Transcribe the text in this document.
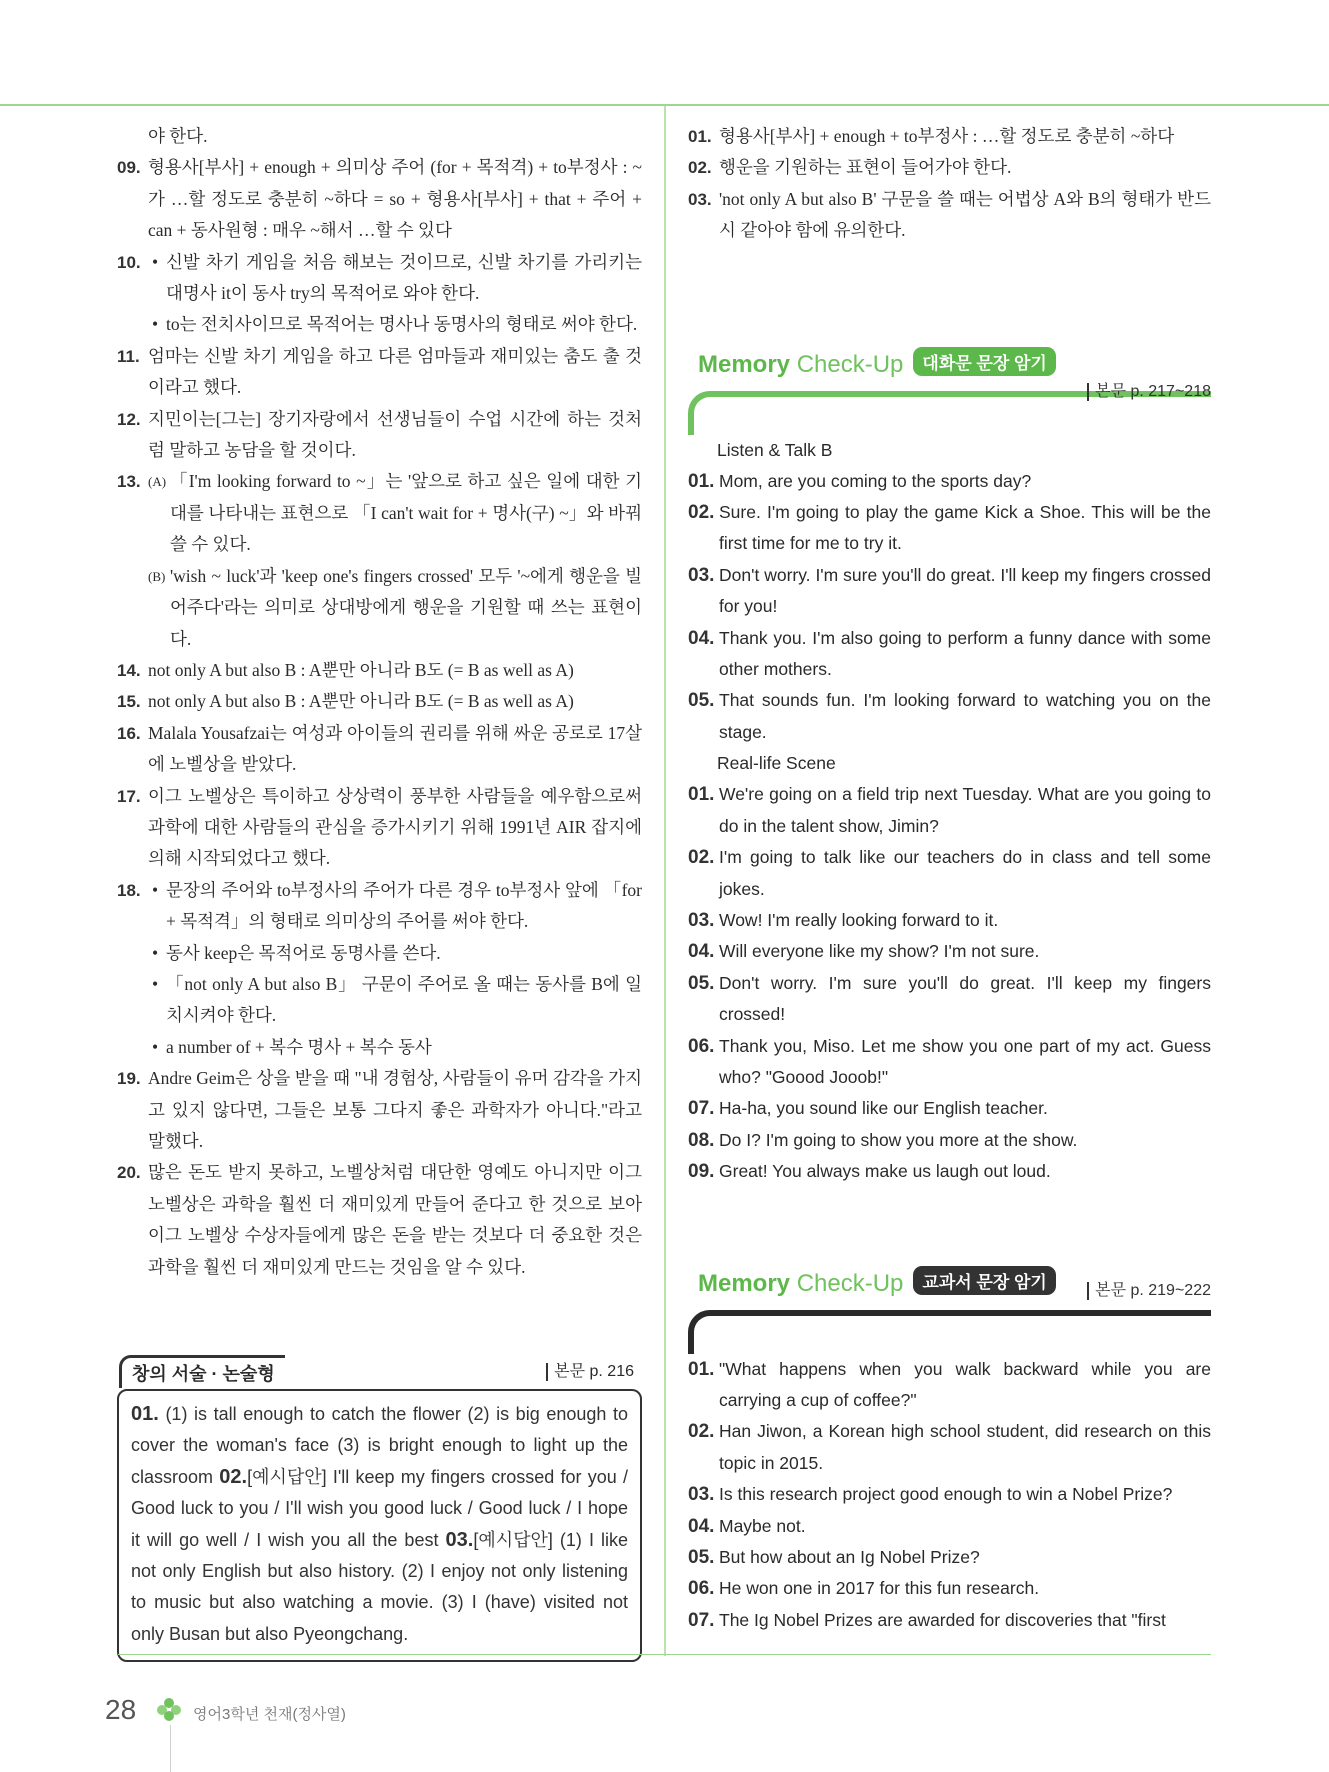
야 한다.
09. 형용사[부사] + enough + 의미상 주어 (for + 목적격) + to부정사 : ~가 …할 정도로 충분히 ~하다 = so + 형용사[부사] + that + 주어 + can + 동사원형 : 매우 ~해서 …할 수 있다
10. • 신발 차기 게임을 처음 해보는 것이므로, 신발 차기를 가리키는 대명사 it이 동사 try의 목적어로 와야 한다.
• to는 전치사이므로 목적어는 명사나 동명사의 형태로 써야 한다.
11. 엄마는 신발 차기 게임을 하고 다른 엄마들과 재미있는 춤도 출 것이라고 했다.
12. 지민이는[그는] 장기자랑에서 선생님들이 수업 시간에 하는 것처럼 말하고 농담을 할 것이다.
13. (A) 「I'm looking forward to ~」는 '앞으로 하고 싶은 일에 대한 기대를 나타내는 표현으로 「I can't wait for + 명사(구) ~」와 바꿔 쓸 수 있다.
(B) 'wish ~ luck'과 'keep one's fingers crossed' 모두 '~에게 행운을 빌어주다'라는 의미로 상대방에게 행운을 기원할 때 쓰는 표현이다.
14. not only A but also B : A뿐만 아니라 B도 (= B as well as A)
15. not only A but also B : A뿐만 아니라 B도 (= B as well as A)
16. Malala Yousafzai는 여성과 아이들의 권리를 위해 싸운 공로로 17살에 노벨상을 받았다.
17. 이그 노벨상은 특이하고 상상력이 풍부한 사람들을 예우함으로써 과학에 대한 사람들의 관심을 증가시키기 위해 1991년 AIR 잡지에 의해 시작되었다고 했다.
18. • 문장의 주어와 to부정사의 주어가 다른 경우 to부정사 앞에 「for + 목적격」의 형태로 의미상의 주어를 써야 한다.
• 동사 keep은 목적어로 동명사를 쓴다.
• 「not only A but also B」 구문이 주어로 올 때는 동사를 B에 일치시켜야 한다.
• a number of + 복수 명사 + 복수 동사
19. Andre Geim은 상을 받을 때 "내 경험상, 사람들이 유머 감각을 가지고 있지 않다면, 그들은 보통 그다지 좋은 과학자가 아니다."라고 말했다.
20. 많은 돈도 받지 못하고, 노벨상처럼 대단한 영예도 아니지만 이그 노벨상은 과학을 훨씬 더 재미있게 만들어 준다고 한 것으로 보아 이그 노벨상 수상자들에게 많은 돈을 받는 것보다 더 중요한 것은 과학을 훨씬 더 재미있게 만드는 것임을 알 수 있다.
창의 서술 · 논술형	본문 p. 216
01. (1) is tall enough to catch the flower (2) is big enough to cover the woman's face (3) is bright enough to light up the classroom 02.[예시답안] I'll keep my fingers crossed for you / Good luck to you / I'll wish you good luck / Good luck / I hope it will go well / I wish you all the best 03.[예시답안] (1) I like not only English but also history. (2) I enjoy not only listening to music but also watching a movie. (3) I (have) visited not only Busan but also Pyeongchang.
01. 형용사[부사] + enough + to부정사 : …할 정도로 충분히 ~하다
02. 행운을 기원하는 표현이 들어가야 한다.
03. 'not only A but also B' 구문을 쓸 때는 어법상 A와 B의 형태가 반드시 같아야 함에 유의한다.
Memory Check-Up 대화문 문장 암기
본문 p. 217~218
Listen & Talk B
01. Mom, are you coming to the sports day?
02. Sure. I'm going to play the game Kick a Shoe. This will be the first time for me to try it.
03. Don't worry. I'm sure you'll do great. I'll keep my fingers crossed for you!
04. Thank you. I'm also going to perform a funny dance with some other mothers.
05. That sounds fun. I'm looking forward to watching you on the stage.
Real-life Scene
01. We're going on a field trip next Tuesday. What are you going to do in the talent show, Jimin?
02. I'm going to talk like our teachers do in class and tell some jokes.
03. Wow! I'm really looking forward to it.
04. Will everyone like my show? I'm not sure.
05. Don't worry. I'm sure you'll do great. I'll keep my fingers crossed!
06. Thank you, Miso. Let me show you one part of my act. Guess who? "Goood Jooob!"
07. Ha-ha, you sound like our English teacher.
08. Do I? I'm going to show you more at the show.
09. Great! You always make us laugh out loud.
Memory Check-Up 교과서 문장 암기	본문 p. 219~222
01. "What happens when you walk backward while you are carrying a cup of coffee?"
02. Han Jiwon, a Korean high school student, did research on this topic in 2015.
03. Is this research project good enough to win a Nobel Prize?
04. Maybe not.
05. But how about an Ig Nobel Prize?
06. He won one in 2017 for this fun research.
07. The Ig Nobel Prizes are awarded for discoveries that "first
28	영어3학년 천재(정사열)
